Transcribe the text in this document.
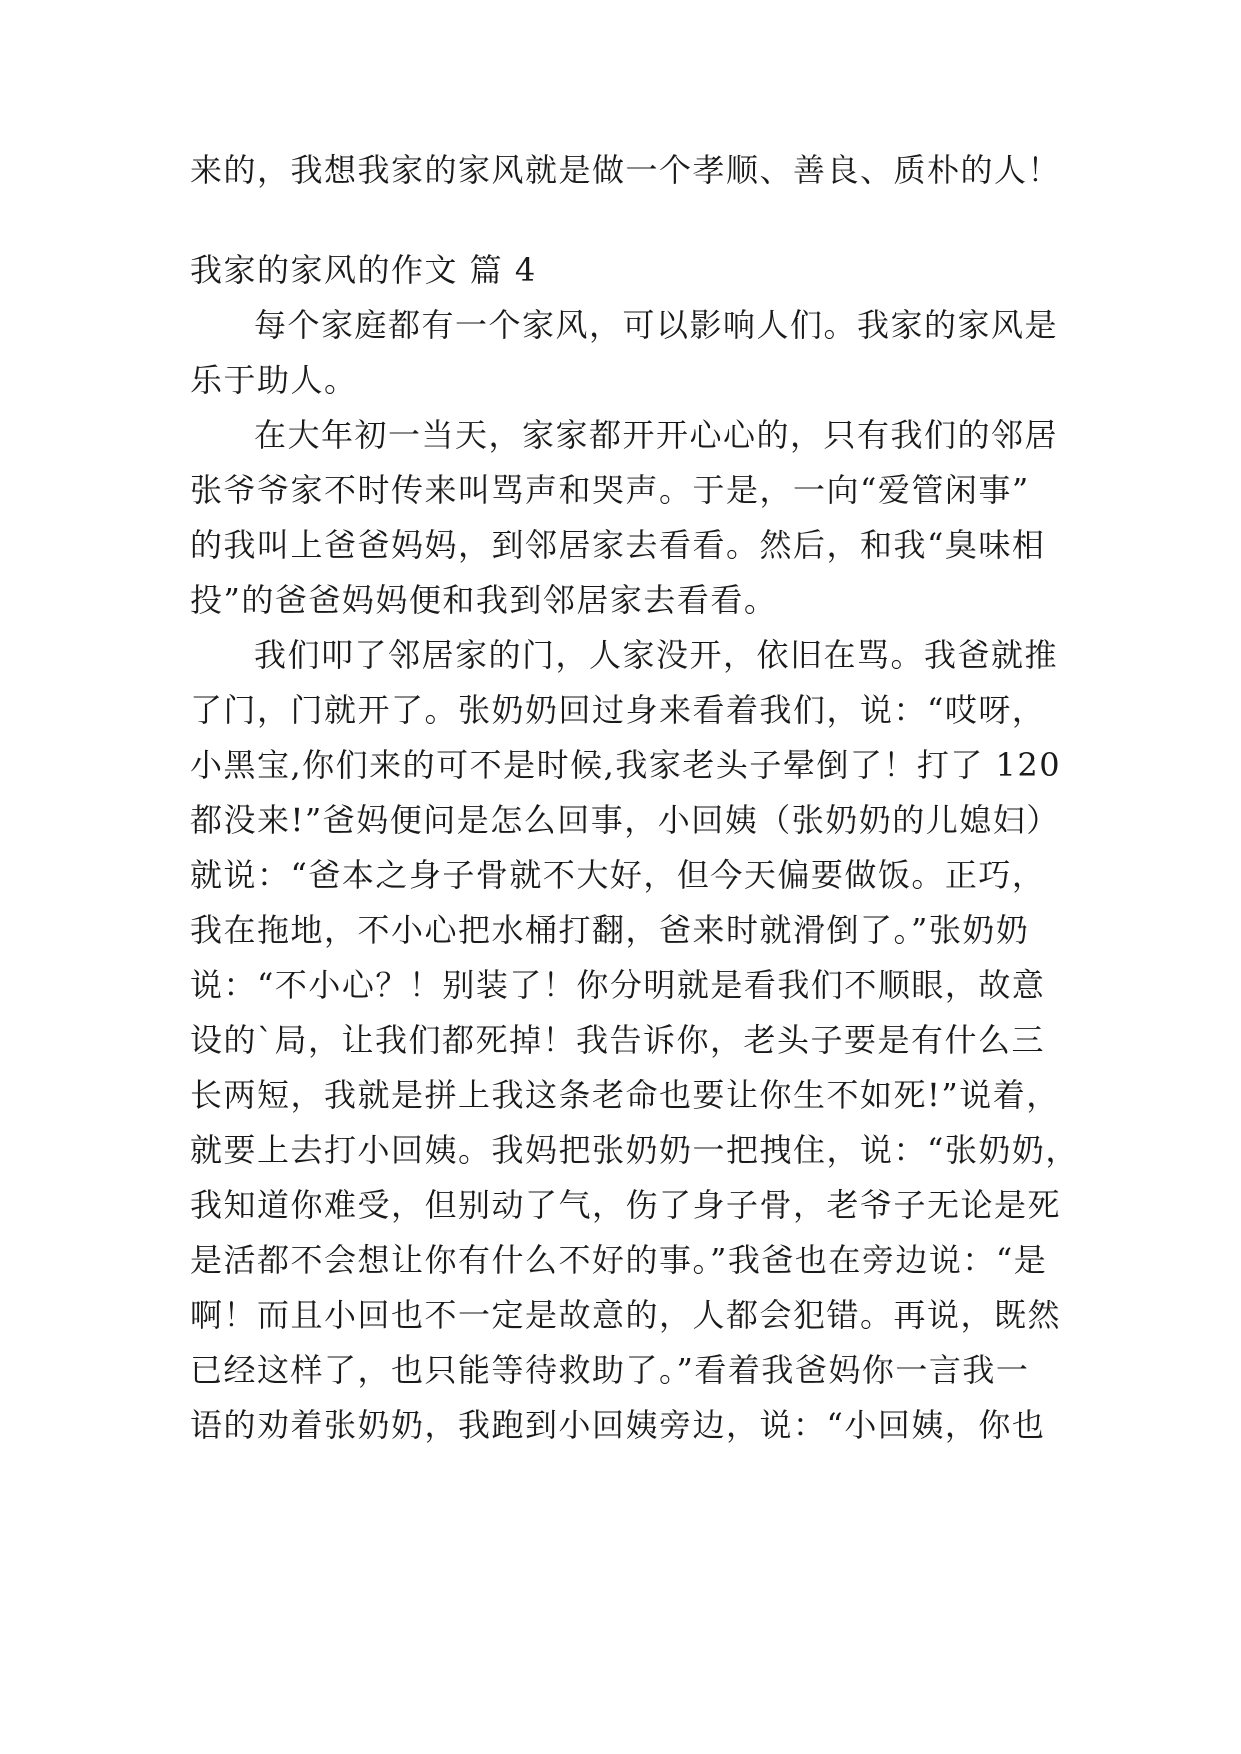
来的，我想我家的家风就是做一个孝顺、善良、质朴的人！
我家的家风的作文 篇 4
每个家庭都有一个家风，可以影响人们。我家的家风是
乐于助人。
在大年初一当天，家家都开开心心的，只有我们的邻居
张爷爷家不时传来叫骂声和哭声。于是，一向“爱管闲事”
的我叫上爸爸妈妈，到邻居家去看看。然后，和我“臭味相
投”的爸爸妈妈便和我到邻居家去看看。
我们叩了邻居家的门，人家没开，依旧在骂。我爸就推
了门，门就开了。张奶奶回过身来看着我们，说：“哎呀，
小黑宝,你们来的可不是时候,我家老头子晕倒了！打了 120
都没来!”爸妈便问是怎么回事，小回姨（张奶奶的儿媳妇）
就说：“爸本之身子骨就不大好，但今天偏要做饭。正巧，
我在拖地，不小心把水桶打翻，爸来时就滑倒了。”张奶奶
说：“不小心？！别装了！你分明就是看我们不顺眼，故意
设的`局，让我们都死掉！我告诉你，老头子要是有什么三
长两短，我就是拼上我这条老命也要让你生不如死!”说着，
就要上去打小回姨。我妈把张奶奶一把拽住，说：“张奶奶，
我知道你难受，但别动了气，伤了身子骨，老爷子无论是死
是活都不会想让你有什么不好的事。”我爸也在旁边说：“是
啊！而且小回也不一定是故意的，人都会犯错。再说，既然
已经这样了，也只能等待救助了。”看着我爸妈你一言我一
语的劝着张奶奶，我跑到小回姨旁边，说：“小回姨，你也
